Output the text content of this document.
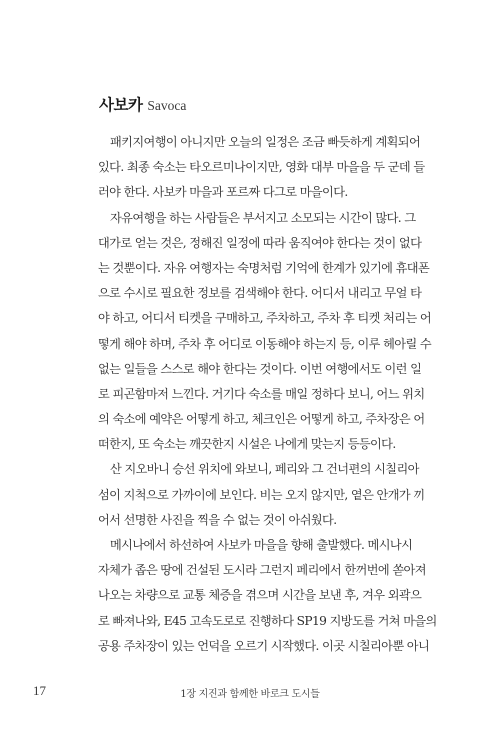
사보카 Savoca
패키지여행이 아니지만 오늘의 일정은 조금 빠듯하게 계획되어
있다. 최종 숙소는 타오르미나이지만, 영화 대부 마을을 두 군데 들
러야 한다. 사보카 마을과 포르짜 다그로 마을이다.
자유여행을 하는 사람들은 부서지고 소모되는 시간이 많다. 그
대가로 얻는 것은, 정해진 일정에 따라 움직여야 한다는 것이 없다
는 것뿐이다. 자유 여행자는 숙명처럼 기억에 한계가 있기에 휴대폰
으로 수시로 필요한 정보를 검색해야 한다. 어디서 내리고 무얼 타
야 하고, 어디서 티켓을 구매하고, 주차하고, 주차 후 티켓 처리는 어
떻게 해야 하며, 주차 후 어디로 이동해야 하는지 등, 이루 헤아릴 수
없는 일들을 스스로 해야 한다는 것이다. 이번 여행에서도 이런 일
로 피곤함마저 느낀다. 거기다 숙소를 매일 정하다 보니, 어느 위치
의 숙소에 예약은 어떻게 하고, 체크인은 어떻게 하고, 주차장은 어
떠한지, 또 숙소는 깨끗한지 시설은 나에게 맞는지 등등이다.
산 지오바니 승선 위치에 와보니, 페리와 그 건너편의 시칠리아
섬이 지척으로 가까이에 보인다. 비는 오지 않지만, 옅은 안개가 끼
어서 선명한 사진을 찍을 수 없는 것이 아쉬웠다.
메시나에서 하선하여 사보카 마을을 향해 출발했다. 메시나시
자체가 좁은 땅에 건설된 도시라 그런지 페리에서 한꺼번에 쏟아져
나오는 차량으로 교통 체증을 겪으며 시간을 보낸 후, 겨우 외곽으
로 빠져나와, E45 고속도로로 진행하다 SP19 지방도를 거쳐 마을의
공용 주차장이 있는 언덕을 오르기 시작했다. 이곳 시칠리아뿐 아니
17	1장 지진과 함께한 바로크 도시들
